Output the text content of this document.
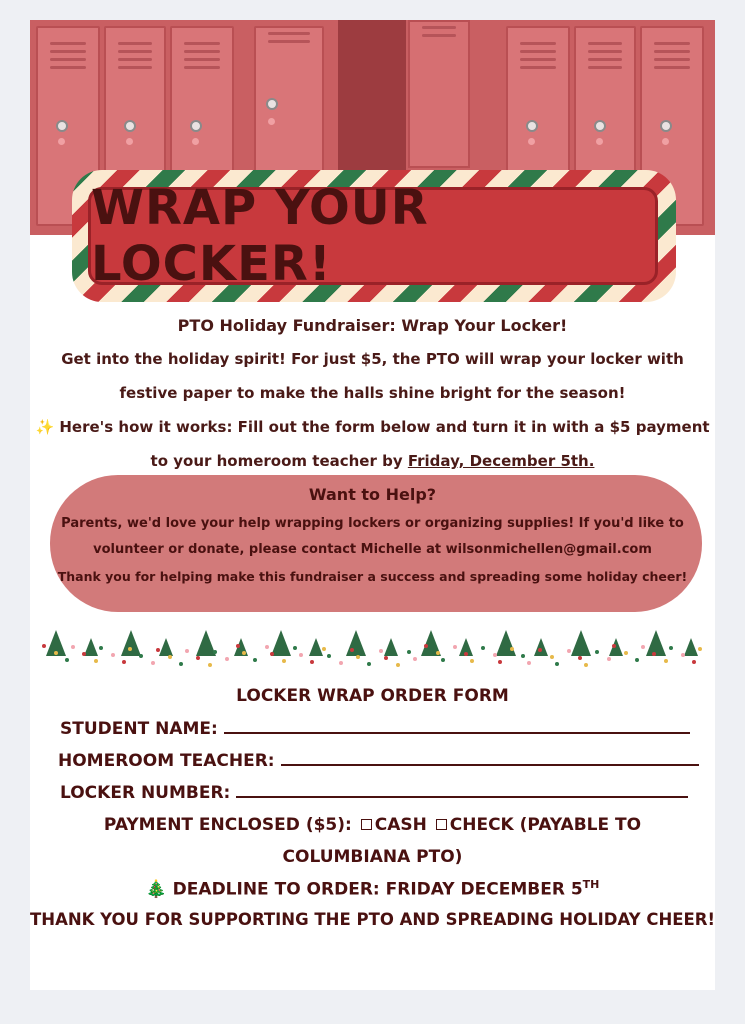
WRAP YOUR LOCKER!
PTO Holiday Fundraiser: Wrap Your Locker!
Get into the holiday spirit! For just $5, the PTO will wrap your locker with
festive paper to make the halls shine bright for the season!
✨ Here's how it works: Fill out the form below and turn it in with a $5 payment
to your homeroom teacher by Friday, December 5th.
Want to Help?
Parents, we'd love your help wrapping lockers or organizing supplies! If you'd like to
volunteer or donate, please contact Michelle at wilsonmichellen@gmail.com
Thank you for helping make this fundraiser a success and spreading some holiday cheer!
LOCKER WRAP ORDER FORM
STUDENT NAME:
HOMEROOM TEACHER:
LOCKER NUMBER:
PAYMENT ENCLOSED ($5): CASH CHECK (PAYABLE TO
COLUMBIANA PTO)
🎄 DEADLINE TO ORDER: FRIDAY DECEMBER 5TH
THANK YOU FOR SUPPORTING THE PTO AND SPREADING HOLIDAY CHEER!
